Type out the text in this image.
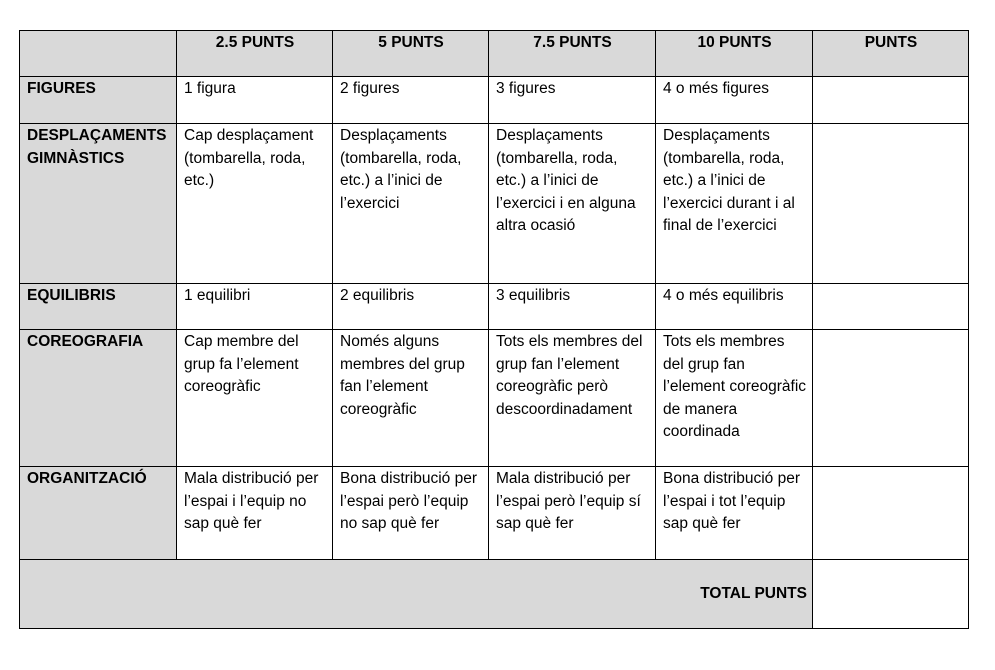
	2.5 PUNTS	5 PUNTS	7.5 PUNTS	10 PUNTS	PUNTS
FIGURES	1 figura	2 figures	3 figures	4 o més figures	
DESPLAÇAMENTS GIMNÀSTICS	Cap desplaçament (tombarella, roda, etc.)	Desplaçaments (tombarella, roda, etc.) a l’inici de l’exercici	Desplaçaments (tombarella, roda, etc.) a l’inici de l’exercici i en alguna altra ocasió	Desplaçaments (tombarella, roda, etc.) a l’inici de l’exercici durant i al final de l’exercici	
EQUILIBRIS	1 equilibri	2 equilibris	3 equilibris	4 o més equilibris	
COREOGRAFIA	Cap membre del grup fa l’element coreogràfic	Només alguns membres del grup fan l’element coreogràfic	Tots els membres del grup fan l’element coreogràfic però descoordinadament	Tots els membres del grup fan l’element coreogràfic de manera coordinada	
ORGANITZACIÓ	Mala distribució per l’espai i l’equip no sap què fer	Bona distribució per l’espai però l’equip no sap què fer	Mala distribució per l’espai però l’equip sí sap què fer	Bona distribució per l’espai i tot l’equip sap què fer	
TOTAL PUNTS					
